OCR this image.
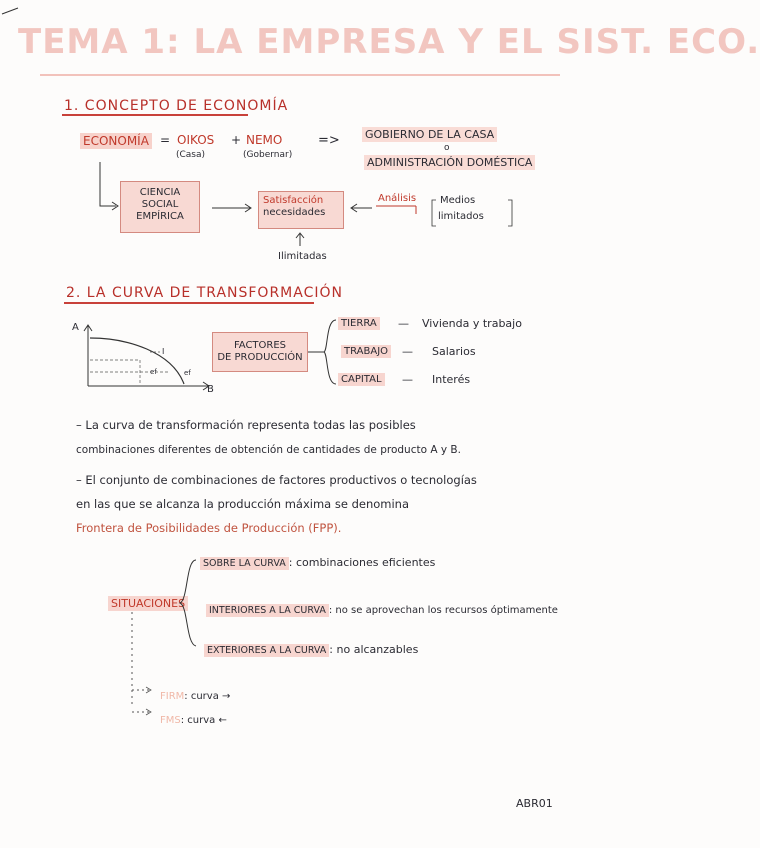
TEMA 1: LA EMPRESA Y EL SIST. ECO.
1. CONCEPTO DE ECONOMÍA
ECONOMÍA = OIKOS + NEMO
(Casa)	(Gobernar)
=> GOBIERNO DE LA CASA
o
ADMINISTRACIÓN DOMÉSTICA
CIENCIA
SOCIAL
EMPÍRICA
Satisfacción
necesidades
Ilimitadas
Análisis Medios
limitados
2. LA CURVA DE TRANSFORMACIÓN
A
B
I
ef	ef
FACTORES
DE PRODUCCIÓN
TIERRA — Vivienda y trabajo
TRABAJO — Salarios
CAPITAL — Interés
– La curva de transformación representa todas las posibles
combinaciones diferentes de obtención de cantidades de producto A y B.
– El conjunto de combinaciones de factores productivos o tecnologías
en las que se alcanza la producción máxima se denomina
Frontera de Posibilidades de Producción (FPP).
SITUACIONES
SOBRE LA CURVA : combinaciones eficientes
INTERIORES A LA CURVA : no se aprovechan los recursos óptimamente
EXTERIORES A LA CURVA : no alcanzables
FIRM: curva →
FMS: curva ←
ABR01
